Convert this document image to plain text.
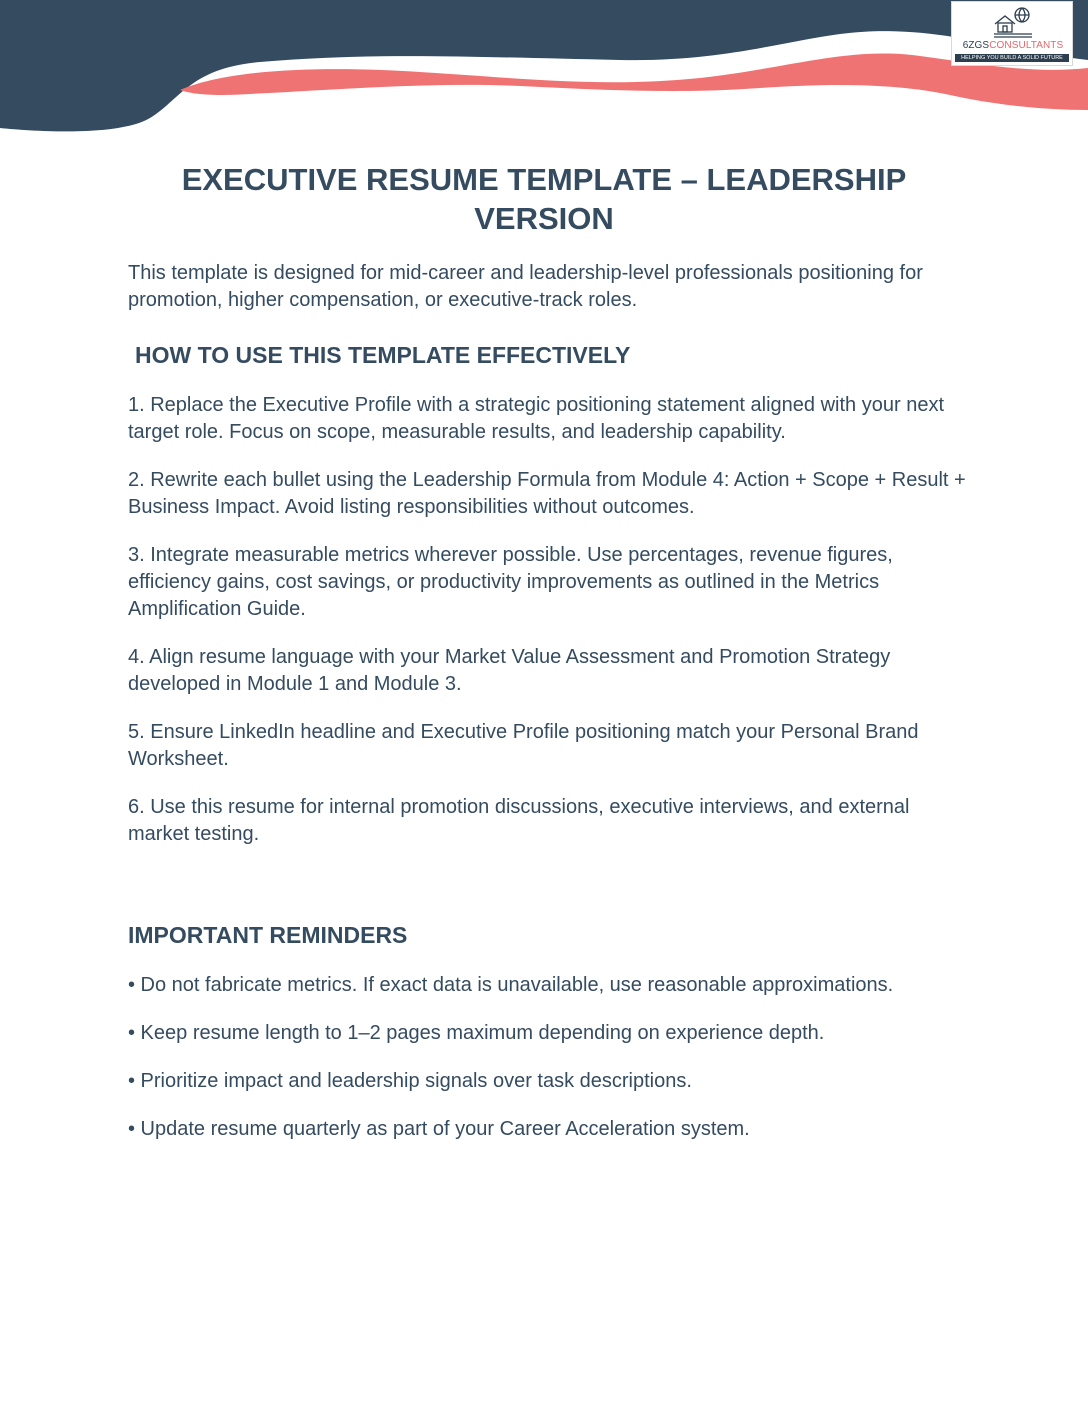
6ZGSCONSULTANTS
HELPING YOU BUILD A SOLID FUTURE
EXECUTIVE RESUME TEMPLATE – LEADERSHIP VERSION

This template is designed for mid-career and leadership-level professionals positioning for promotion, higher compensation, or executive-track roles.

HOW TO USE THIS TEMPLATE EFFECTIVELY
1. Replace the Executive Profile with a strategic positioning statement aligned with your next target role. Focus on scope, measurable results, and leadership capability.
2. Rewrite each bullet using the Leadership Formula from Module 4: Action + Scope + Result + Business Impact. Avoid listing responsibilities without outcomes.
3. Integrate measurable metrics wherever possible. Use percentages, revenue figures, efficiency gains, cost savings, or productivity improvements as outlined in the Metrics Amplification Guide.
4. Align resume language with your Market Value Assessment and Promotion Strategy developed in Module 1 and Module 3.
5. Ensure LinkedIn headline and Executive Profile positioning match your Personal Brand Worksheet.
6. Use this resume for internal promotion discussions, executive interviews, and external market testing.
IMPORTANT REMINDERS
• Do not fabricate metrics. If exact data is unavailable, use reasonable approximations.
• Keep resume length to 1–2 pages maximum depending on experience depth.
• Prioritize impact and leadership signals over task descriptions.
• Update resume quarterly as part of your Career Acceleration system.
